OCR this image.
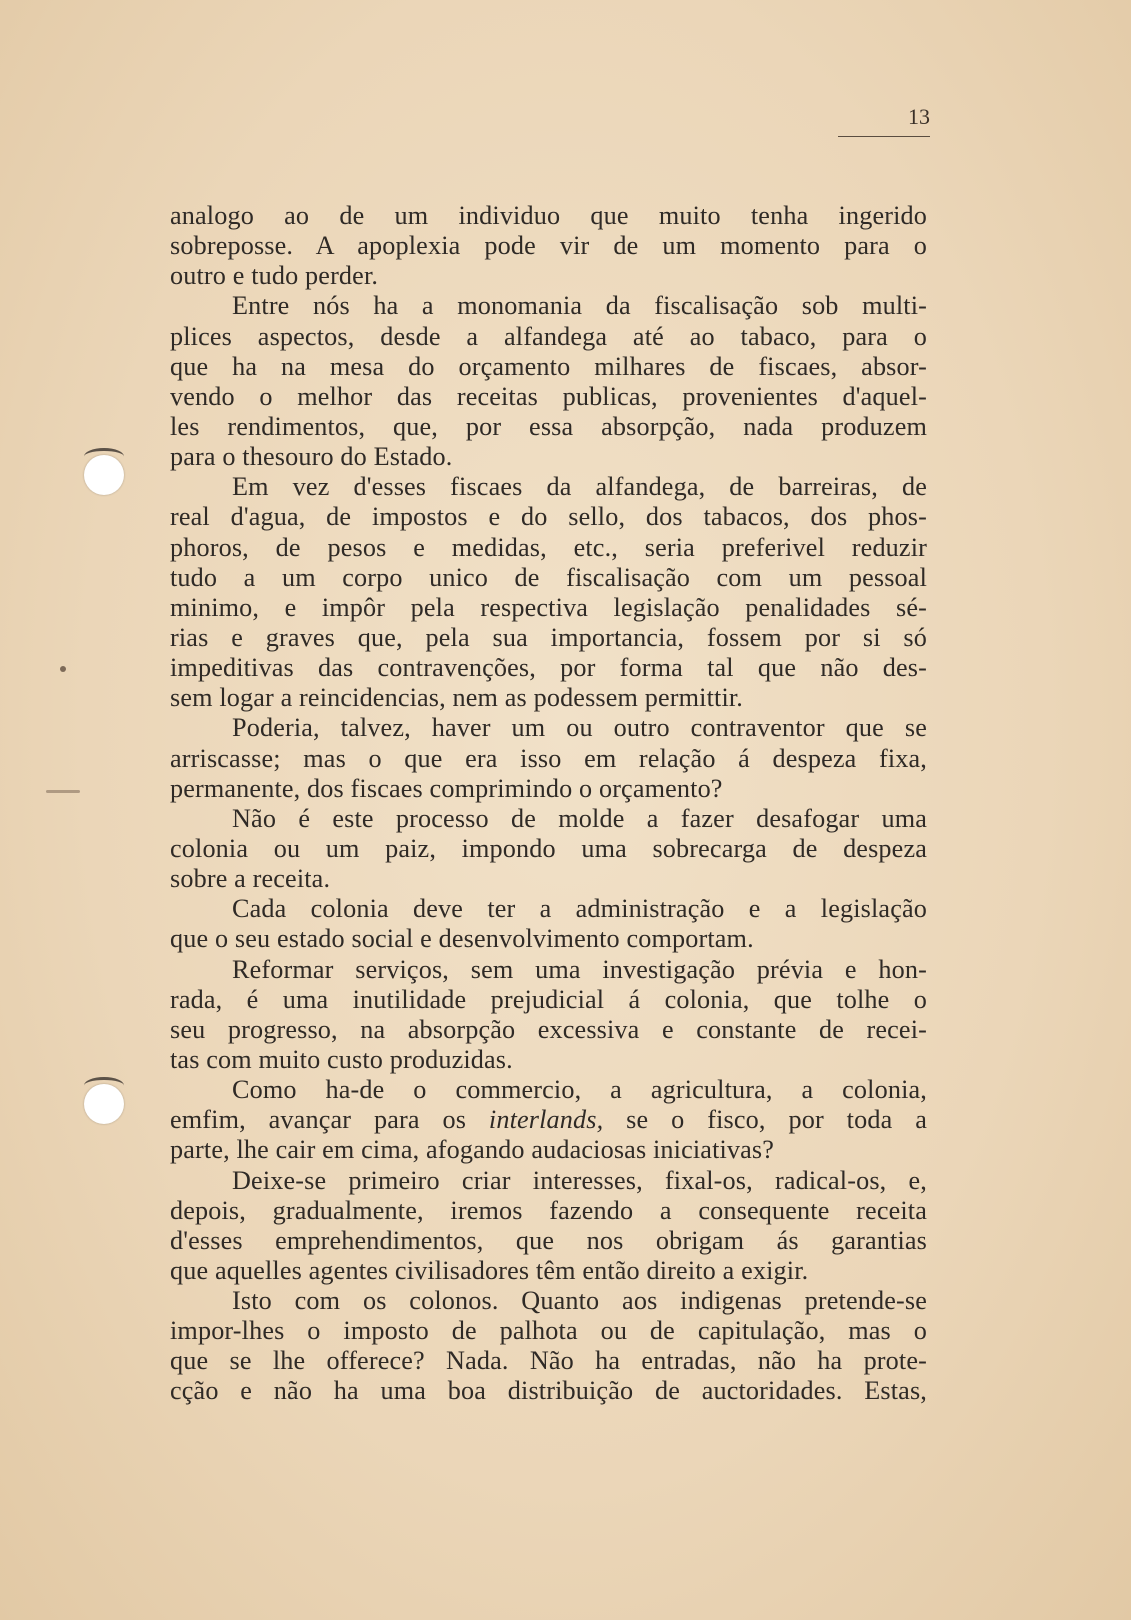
13
analogo ao de um individuo que muito tenha ingerido
sobreposse. A apoplexia pode vir de um momento para o
outro e tudo perder.
Entre nós ha a monomania da fiscalisação sob multi-
plices aspectos, desde a alfandega até ao tabaco, para o
que ha na mesa do orçamento milhares de fiscaes, absor-
vendo o melhor das receitas publicas, provenientes d'aquel-
les rendimentos, que, por essa absorpção, nada produzem
para o thesouro do Estado.
Em vez d'esses fiscaes da alfandega, de barreiras, de
real d'agua, de impostos e do sello, dos tabacos, dos phos-
phoros, de pesos e medidas, etc., seria preferivel reduzir
tudo a um corpo unico de fiscalisação com um pessoal
minimo, e impôr pela respectiva legislação penalidades sé-
rias e graves que, pela sua importancia, fossem por si só
impeditivas das contravenções, por forma tal que não des-
sem logar a reincidencias, nem as podessem permittir.
Poderia, talvez, haver um ou outro contraventor que se
arriscasse; mas o que era isso em relação á despeza fixa,
permanente, dos fiscaes comprimindo o orçamento?
Não é este processo de molde a fazer desafogar uma
colonia ou um paiz, impondo uma sobrecarga de despeza
sobre a receita.
Cada colonia deve ter a administração e a legislação
que o seu estado social e desenvolvimento comportam.
Reformar serviços, sem uma investigação prévia e hon-
rada, é uma inutilidade prejudicial á colonia, que tolhe o
seu progresso, na absorpção excessiva e constante de recei-
tas com muito custo produzidas.
Como ha-de o commercio, a agricultura, a colonia,
emfim, avançar para os interlands, se o fisco, por toda a
parte, lhe cair em cima, afogando audaciosas iniciativas?
Deixe-se primeiro criar interesses, fixal-os, radical-os, e,
depois, gradualmente, iremos fazendo a consequente receita
d'esses emprehendimentos, que nos obrigam ás garantias
que aquelles agentes civilisadores têm então direito a exigir.
Isto com os colonos. Quanto aos indigenas pretende-se
impor-lhes o imposto de palhota ou de capitulação, mas o
que se lhe offerece? Nada. Não ha entradas, não ha prote-
cção e não ha uma boa distribuição de auctoridades. Estas,
